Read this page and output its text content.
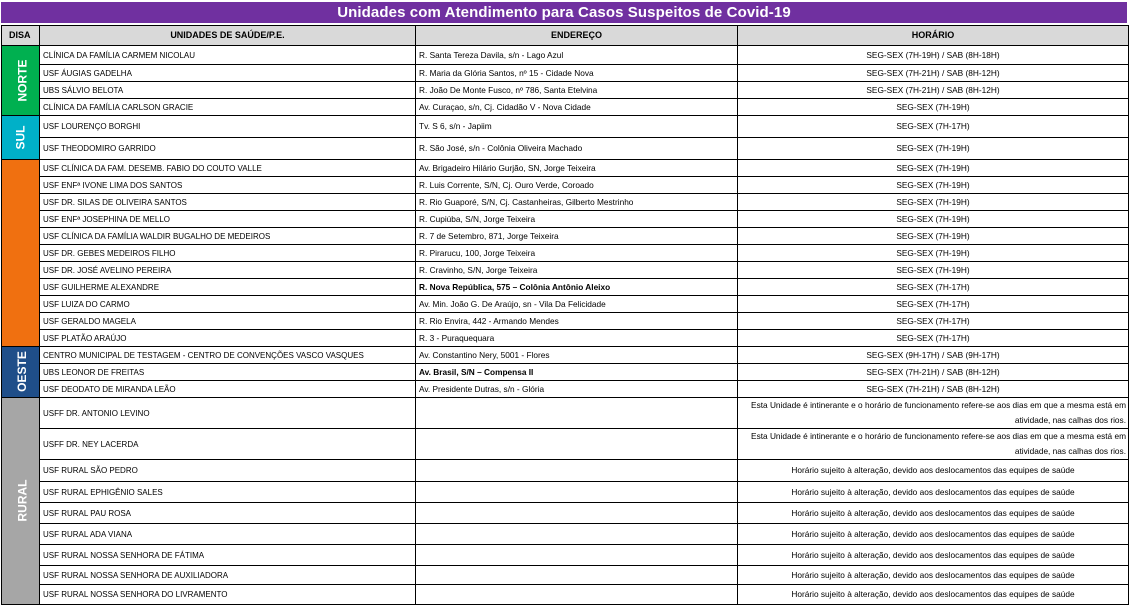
Unidades com Atendimento para Casos Suspeitos de Covid-19
DISA	UNIDADES DE SAÚDE/P.E.	ENDEREÇO	HORÁRIO
NORTE	CLÍNICA DA FAMÍLIA CARMEM NICOLAU	R. Santa Tereza Davila, s/n - Lago Azul	SEG-SEX (7H-19H) / SAB (8H-18H)
	USF ÁUGIAS GADELHA	R. Maria da Glória Santos, nº 15 - Cidade Nova	SEG-SEX (7H-21H) / SAB (8H-12H)
	UBS SÁLVIO BELOTA	R. João De Monte Fusco, nº 786, Santa Etelvina	SEG-SEX (7H-21H) / SAB (8H-12H)
	CLÍNICA DA FAMÍLIA CARLSON GRACIE	Av. Curaçao, s/n, Cj. Cidadão V - Nova Cidade	SEG-SEX (7H-19H)
SUL	USF LOURENÇO BORGHI	Tv. S 6, s/n - Japiim	SEG-SEX (7H-17H)
	USF THEODOMIRO GARRIDO	R. São José, s/n - Colônia Oliveira Machado	SEG-SEX (7H-19H)
	USF CLÍNICA DA FAM. DESEMB. FABIO DO COUTO VALLE	Av. Brigadeiro Hilário Gurjão, SN, Jorge Teixeira	SEG-SEX (7H-19H)
	USF ENFª IVONE LIMA DOS SANTOS	R. Luis Corrente, S/N, Cj. Ouro Verde, Coroado	SEG-SEX (7H-19H)
	USF DR. SILAS DE OLIVEIRA SANTOS	R. Rio Guaporé, S/N, Cj. Castanheiras, Gilberto Mestrinho	SEG-SEX (7H-19H)
	USF ENFª JOSEPHINA DE MELLO	R. Cupiúba, S/N, Jorge Teixeira	SEG-SEX (7H-19H)
	USF CLÍNICA DA FAMÍLIA WALDIR BUGALHO DE MEDEIROS	R. 7 de Setembro, 871, Jorge Teixeira	SEG-SEX (7H-19H)
	USF DR. GEBES MEDEIROS FILHO	R. Pirarucu, 100, Jorge Teixeira	SEG-SEX (7H-19H)
	USF DR. JOSÉ AVELINO PEREIRA	R. Cravinho, S/N, Jorge Teixeira	SEG-SEX (7H-19H)
	USF GUILHERME ALEXANDRE	R. Nova República, 575 – Colônia Antônio Aleixo	SEG-SEX (7H-17H)
	USF LUIZA DO CARMO	Av. Min. João G. De Araújo, sn - Vila Da Felicidade	SEG-SEX (7H-17H)
	USF GERALDO MAGELA	R. Rio Envira, 442 - Armando Mendes	SEG-SEX (7H-17H)
	USF PLATÃO ARAÚJO	R. 3 - Puraquequara	SEG-SEX (7H-17H)
OESTE	CENTRO MUNICIPAL DE TESTAGEM - CENTRO DE CONVENÇÕES VASCO VASQUES	Av. Constantino Nery, 5001 - Flores	SEG-SEX (9H-17H) / SAB (9H-17H)
	UBS LEONOR DE FREITAS	Av. Brasil, S/N – Compensa II	SEG-SEX (7H-21H) / SAB (8H-12H)
	USF DEODATO DE MIRANDA LEÃO	Av. Presidente Dutras, s/n - Glória	SEG-SEX (7H-21H) / SAB (8H-12H)
RURAL	USFF DR. ANTONIO LEVINO		Esta Unidade é intinerante e o horário de funcionamento refere-se aos dias em que a mesma está em atividade, nas calhas dos rios.
	USFF DR. NEY LACERDA		Esta Unidade é intinerante e o horário de funcionamento refere-se aos dias em que a mesma está em atividade, nas calhas dos rios.
	USF RURAL SÃO PEDRO		Horário sujeito à alteração, devido aos deslocamentos das equipes de saúde
	USF RURAL EPHIGÊNIO SALES		Horário sujeito à alteração, devido aos deslocamentos das equipes de saúde
	USF RURAL PAU ROSA		Horário sujeito à alteração, devido aos deslocamentos das equipes de saúde
	USF RURAL ADA VIANA		Horário sujeito à alteração, devido aos deslocamentos das equipes de saúde
	USF RURAL NOSSA SENHORA DE FÁTIMA		Horário sujeito à alteração, devido aos deslocamentos das equipes de saúde
	USF RURAL NOSSA SENHORA DE AUXILIADORA		Horário sujeito à alteração, devido aos deslocamentos das equipes de saúde
	USF RURAL NOSSA SENHORA DO LIVRAMENTO		Horário sujeito à alteração, devido aos deslocamentos das equipes de saúde
